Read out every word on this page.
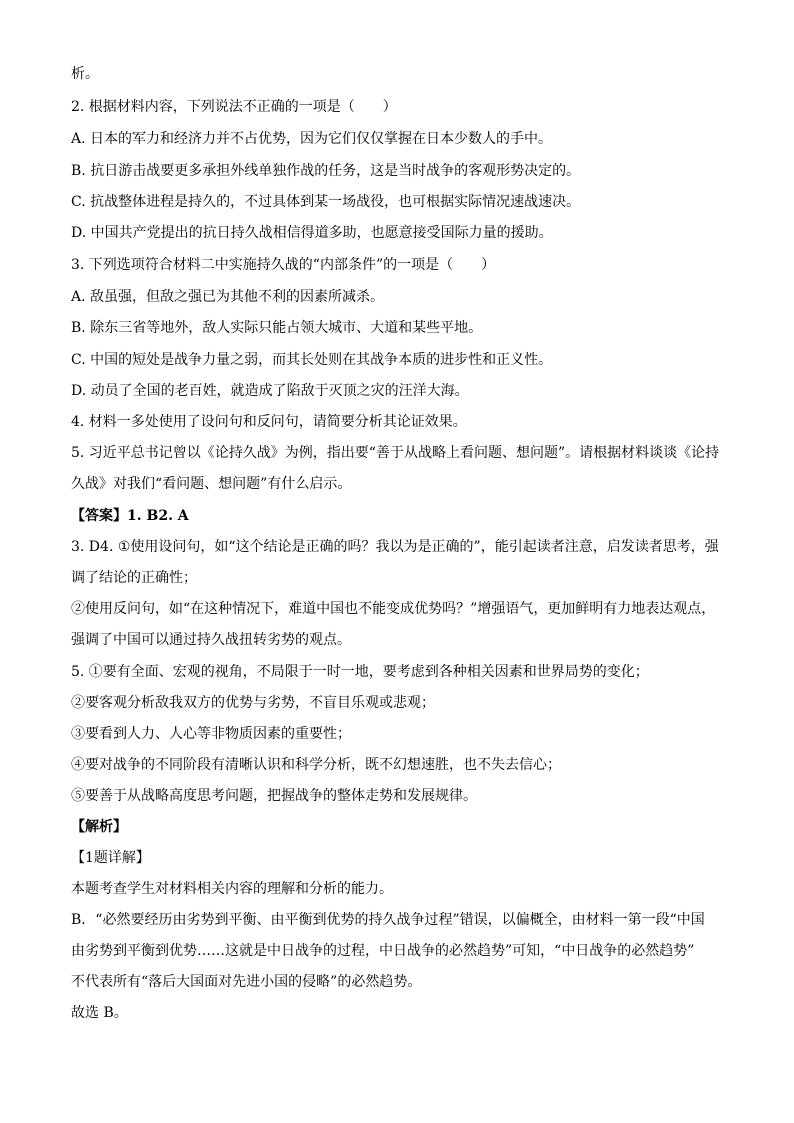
析。
2. 根据材料内容，下列说法不正确的一项是（　　）
A. 日本的军力和经济力并不占优势，因为它们仅仅掌握在日本少数人的手中。
B. 抗日游击战要更多承担外线单独作战的任务，这是当时战争的客观形势决定的。
C. 抗战整体进程是持久的，不过具体到某一场战役，也可根据实际情况速战速决。
D. 中国共产党提出的抗日持久战相信得道多助，也愿意接受国际力量的援助。
3. 下列选项符合材料二中实施持久战的“内部条件”的一项是（　　）
A. 敌虽强，但敌之强已为其他不利的因素所减杀。
B. 除东三省等地外，敌人实际只能占领大城市、大道和某些平地。
C. 中国的短处是战争力量之弱，而其长处则在其战争本质的进步性和正义性。
D. 动员了全国的老百姓，就造成了陷敌于灭顶之灾的汪洋大海。
4. 材料一多处使用了设问句和反问句，请简要分析其论证效果。
5. 习近平总书记曾以《论持久战》为例，指出要“善于从战略上看问题、想问题”。请根据材料谈谈《论持
久战》对我们“看问题、想问题”有什么启示。
【答案】1. B2. A
3. D4. ①使用设问句，如“这个结论是正确的吗？我以为是正确的”，能引起读者注意，启发读者思考，强
调了结论的正确性；
②使用反问句，如“在这种情况下，难道中国也不能变成优势吗？”增强语气，更加鲜明有力地表达观点，
强调了中国可以通过持久战扭转劣势的观点。
5. ①要有全面、宏观的视角，不局限于一时一地，要考虑到各种相关因素和世界局势的变化；
②要客观分析敌我双方的优势与劣势，不盲目乐观或悲观；
③要看到人力、人心等非物质因素的重要性；
④要对战争的不同阶段有清晰认识和科学分析，既不幻想速胜，也不失去信心；
⑤要善于从战略高度思考问题，把握战争的整体走势和发展规律。
【解析】
【1题详解】
本题考查学生对材料相关内容的理解和分析的能力。
B．“必然要经历由劣势到平衡、由平衡到优势的持久战争过程”错误，以偏概全，由材料一第一段“中国
由劣势到平衡到优势……这就是中日战争的过程，中日战争的必然趋势”可知，“中日战争的必然趋势”
不代表所有“落后大国面对先进小国的侵略”的必然趋势。
故选 B。
